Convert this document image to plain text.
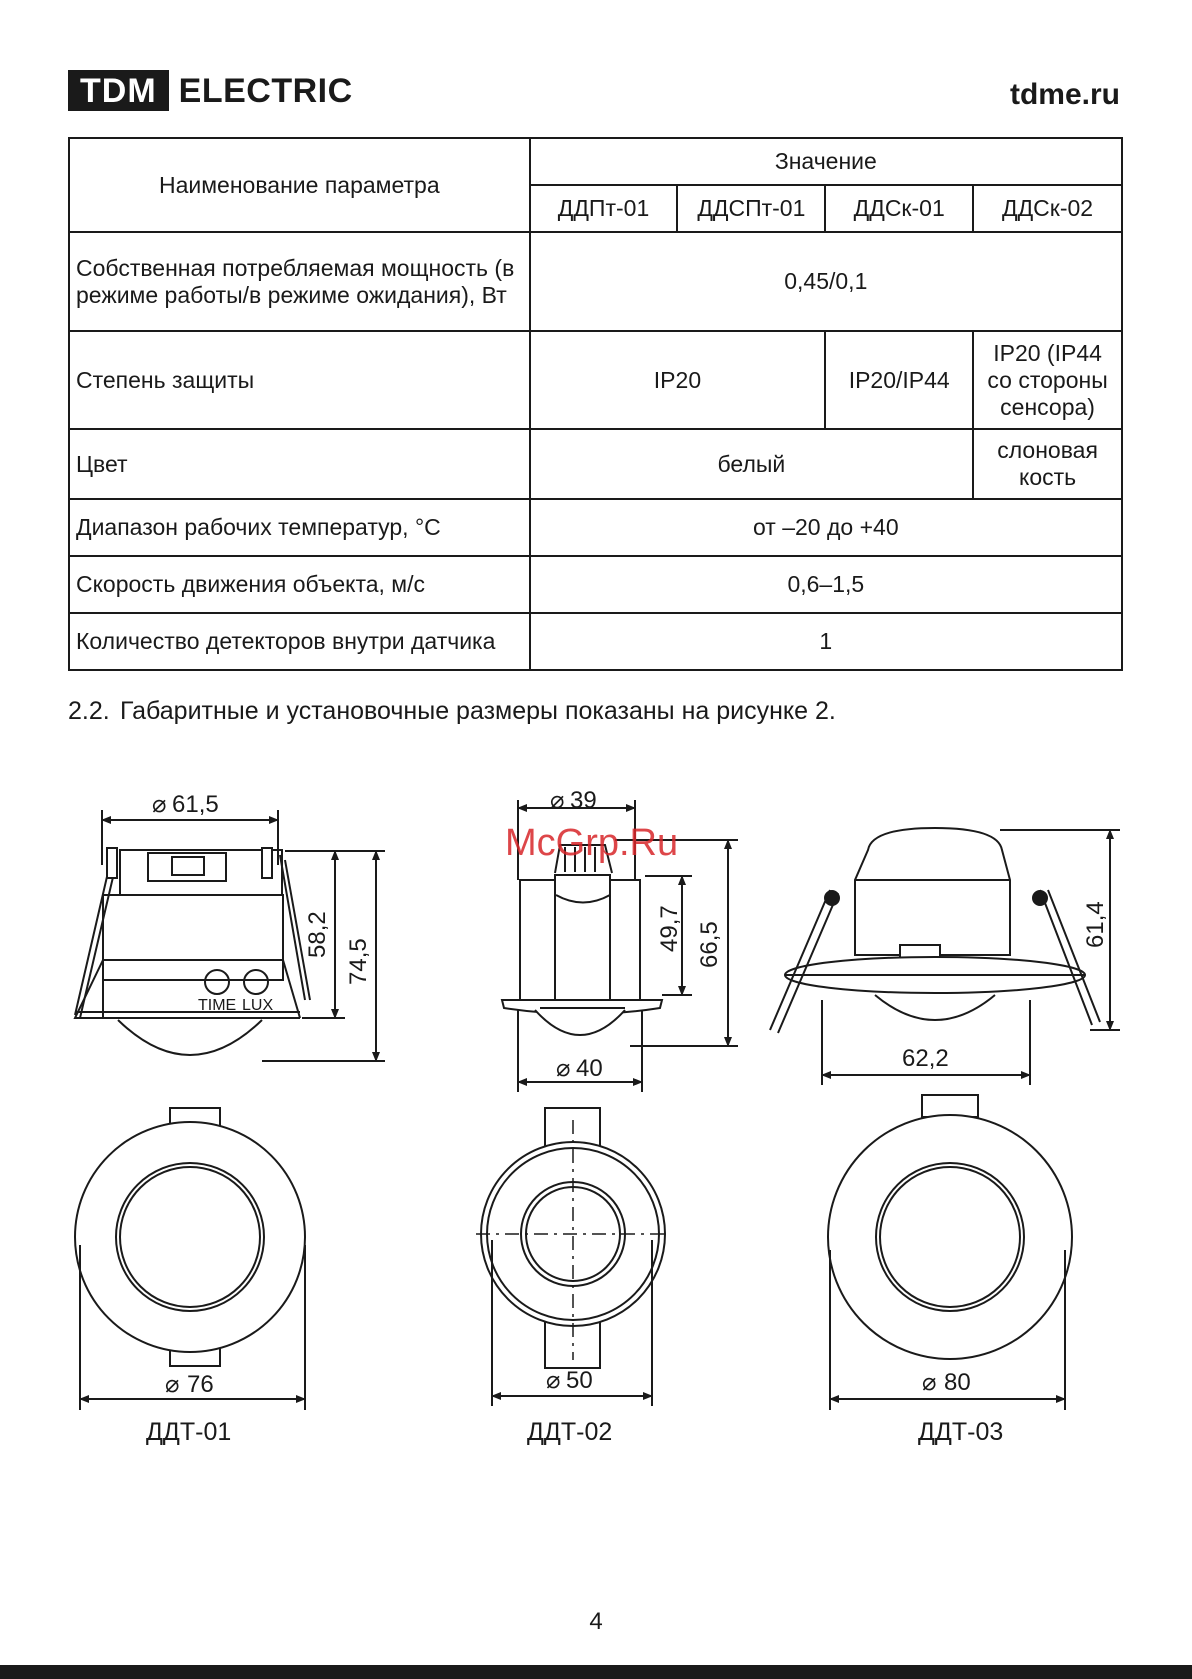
TDM ELECTRIC	tdme.ru
Наименование параметра	Значение			
	ДДПт-01	ДДСПт-01	ДДСк-01	ДДСк-02
Собственная потребляемая мощность (в режиме работы/в режиме ожидания), Вт	0,45/0,1			
Степень защиты	IP20		IP20/IP44	IP20 (IP44 со стороны сенсора)
Цвет	белый			слоновая кость
Диапазон рабочих температур, °С	от –20 до +40			
Скорость движения объекта, м/с	0,6–1,5			
Количество детекторов внутри датчика	1			
2.2. Габаритные и установочные размеры показаны на рисунке 2.
TIME LUX
⌀ 61,5
58,2
74,5
⌀ 76
ДДТ-01
⌀ 39
49,7 66,5
⌀ 40
⌀ 50
ДДТ-02
61,4
62,2
⌀ 80
ДДТ-03
McGrp.Ru
4
